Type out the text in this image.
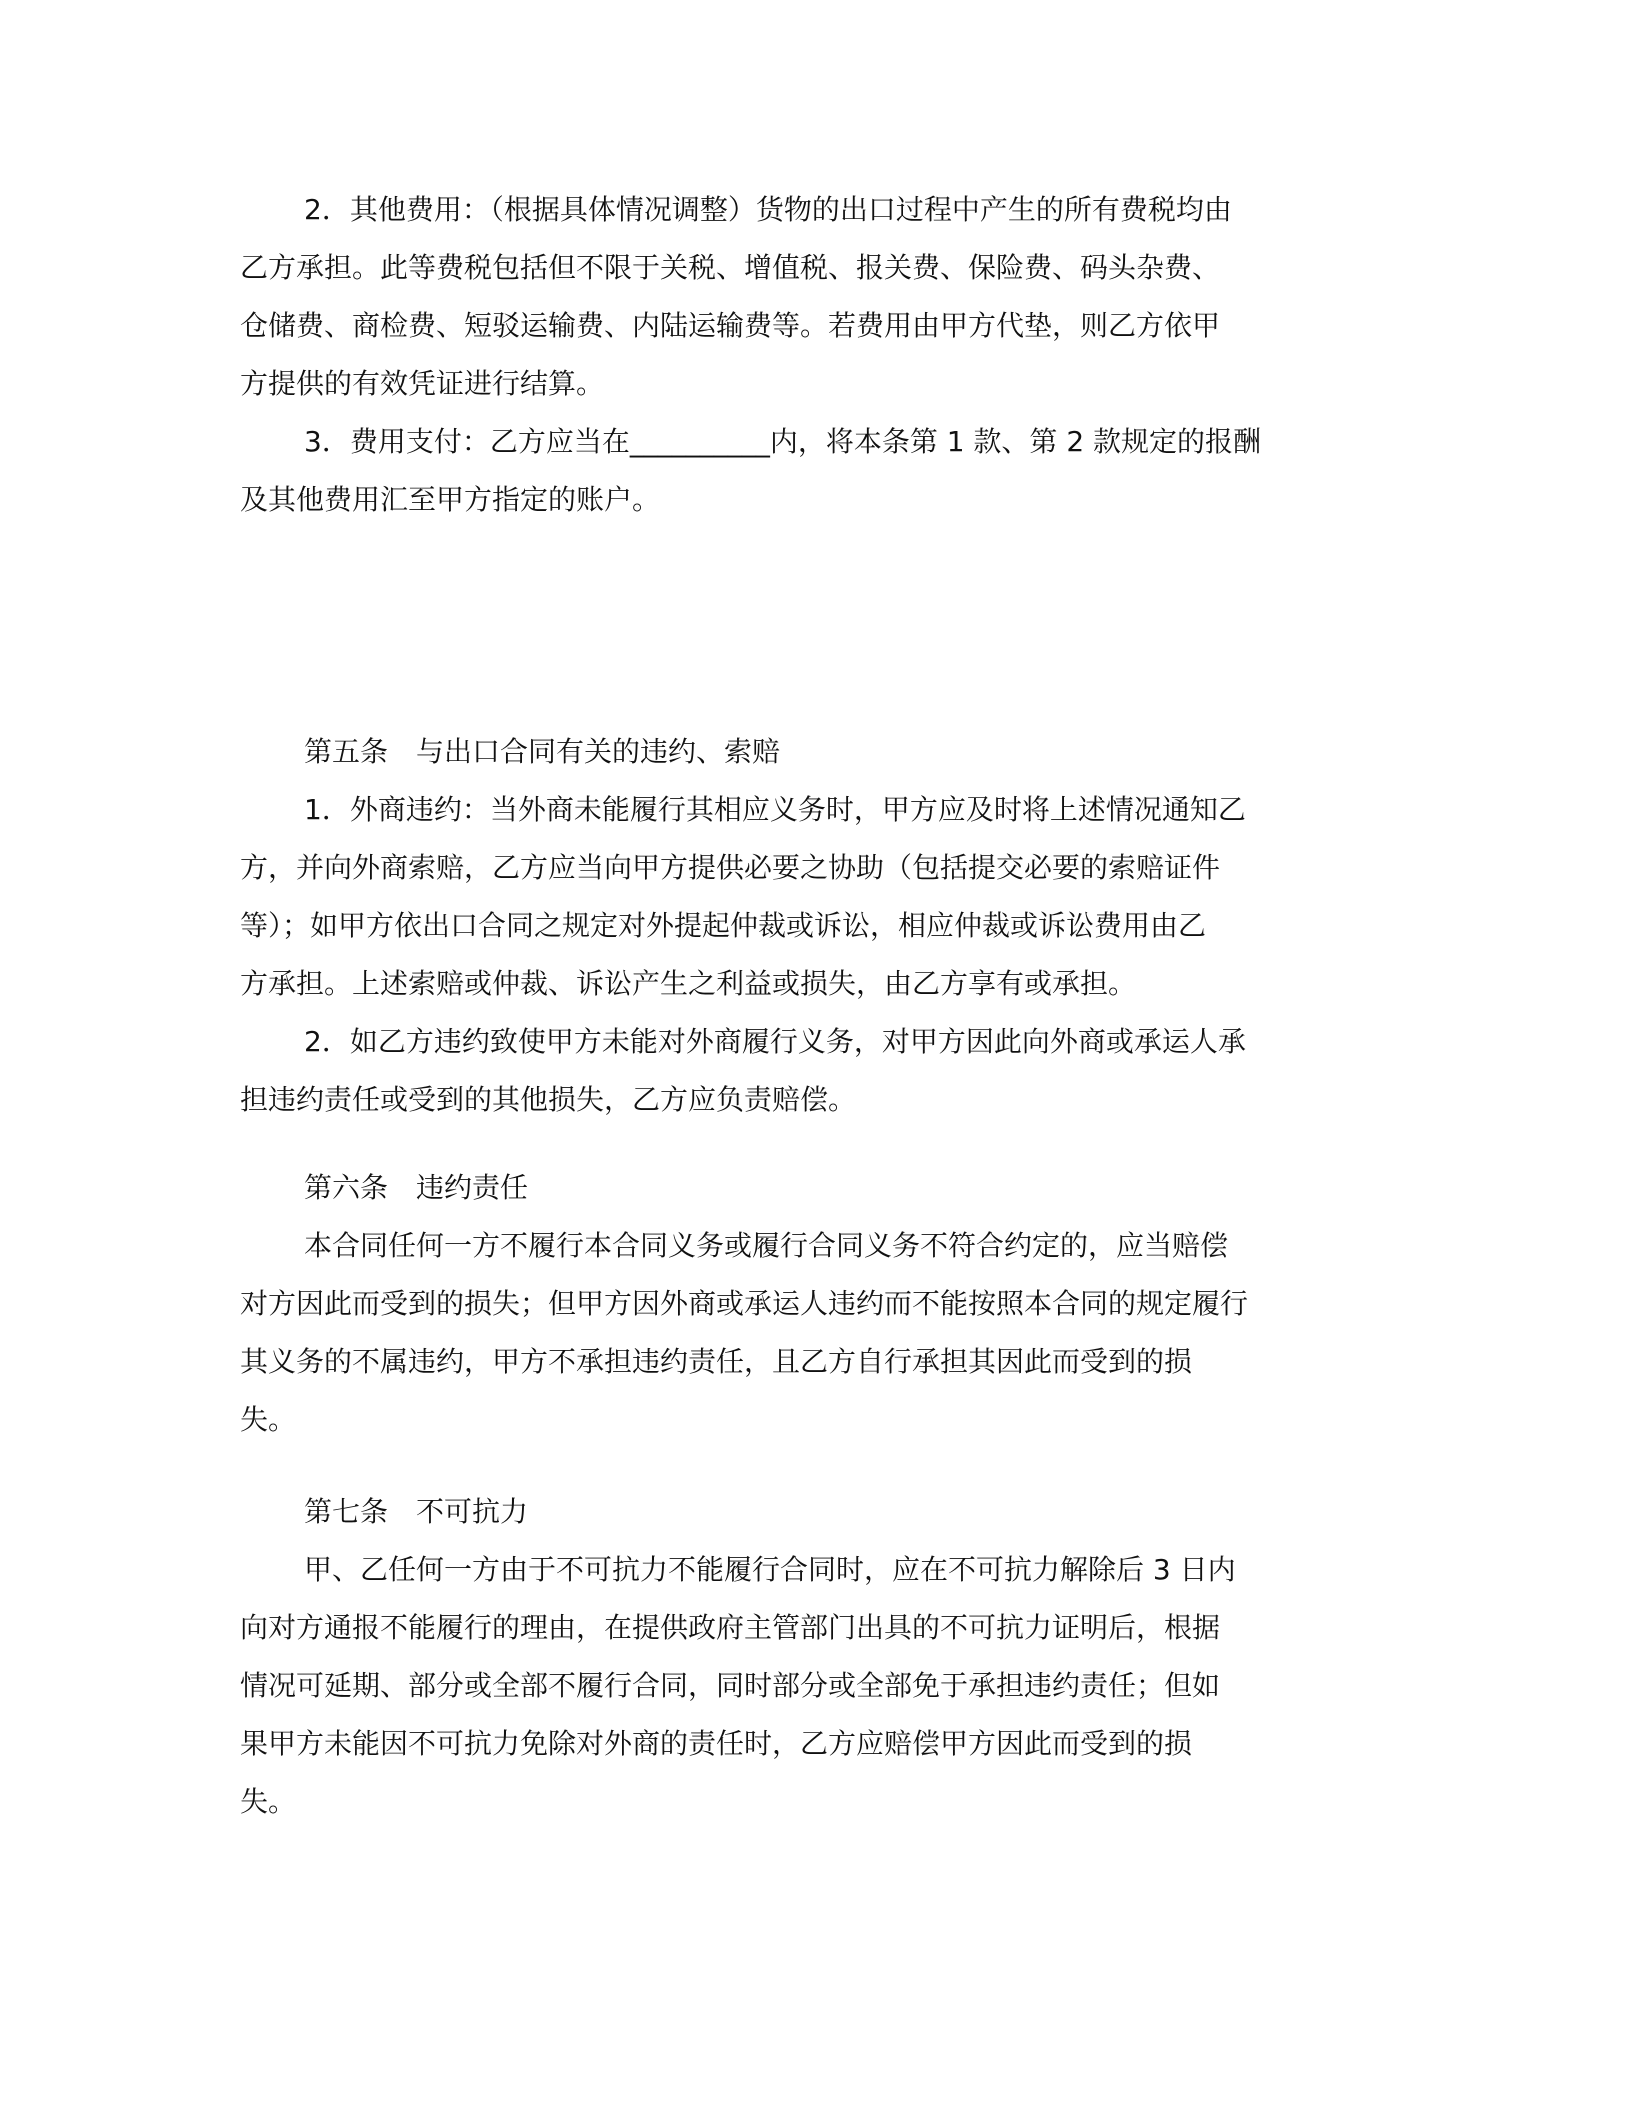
2．其他费用：（根据具体情况调整）货物的出口过程中产生的所有费税均由
乙方承担。此等费税包括但不限于关税、增值税、报关费、保险费、码头杂费、
仓储费、商检费、短驳运输费、内陆运输费等。若费用由甲方代垫，则乙方依甲
方提供的有效凭证进行结算。
3．费用支付：乙方应当在__________内，将本条第 1 款、第 2 款规定的报酬
及其他费用汇至甲方指定的账户。
第五条　与出口合同有关的违约、索赔
1．外商违约：当外商未能履行其相应义务时，甲方应及时将上述情况通知乙
方，并向外商索赔，乙方应当向甲方提供必要之协助（包括提交必要的索赔证件
等）；如甲方依出口合同之规定对外提起仲裁或诉讼，相应仲裁或诉讼费用由乙
方承担。上述索赔或仲裁、诉讼产生之利益或损失，由乙方享有或承担。
2．如乙方违约致使甲方未能对外商履行义务，对甲方因此向外商或承运人承
担违约责任或受到的其他损失，乙方应负责赔偿。
第六条　违约责任
本合同任何一方不履行本合同义务或履行合同义务不符合约定的，应当赔偿
对方因此而受到的损失；但甲方因外商或承运人违约而不能按照本合同的规定履行
其义务的不属违约，甲方不承担违约责任，且乙方自行承担其因此而受到的损
失。
第七条　不可抗力
甲、乙任何一方由于不可抗力不能履行合同时，应在不可抗力解除后 3 日内
向对方通报不能履行的理由，在提供政府主管部门出具的不可抗力证明后，根据
情况可延期、部分或全部不履行合同，同时部分或全部免于承担违约责任；但如
果甲方未能因不可抗力免除对外商的责任时，乙方应赔偿甲方因此而受到的损
失。
